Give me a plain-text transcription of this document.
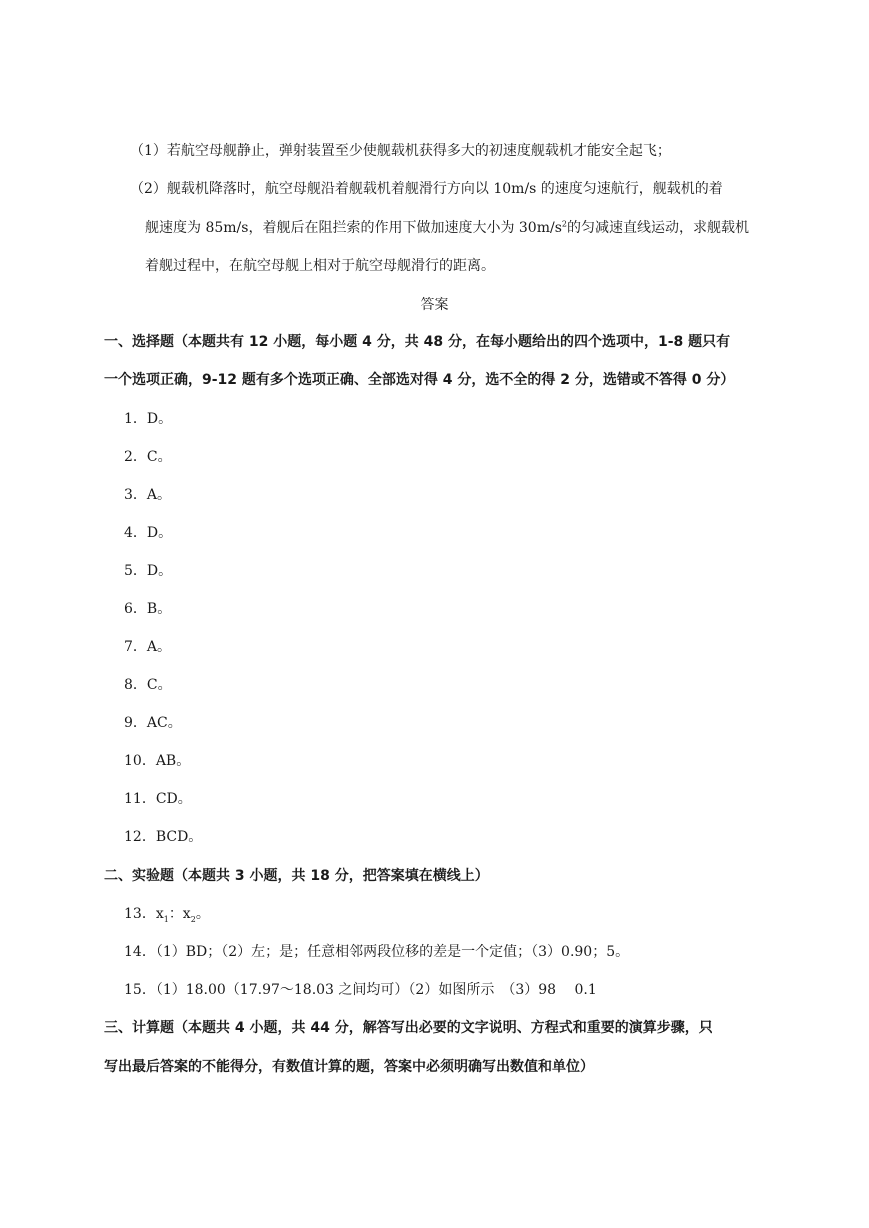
（1）若航空母舰静止，弹射装置至少使舰载机获得多大的初速度舰载机才能安全起飞；
（2）舰载机降落时，航空母舰沿着舰载机着舰滑行方向以 10m/s 的速度匀速航行，舰载机的着
舰速度为 85m/s，着舰后在阻拦索的作用下做加速度大小为 $30m/s^2$的匀减速直线运动，求舰载机
着舰过程中，在航空母舰上相对于航空母舰滑行的距离。
答案
一、选择题（本题共有 12 小题，每小题 4 分，共 48 分，在每小题给出的四个选项中，1-8 题只有
一个选项正确，9-12 题有多个选项正确、全部选对得 4 分，选不全的得 2 分，选错或不答得 0 分）
1．D。
2．C。
3．A。
4．D。
5．D。
6．B。
7．A。
8．C。
9．AC。
10．AB。
11．CD。
12．BCD。
二、实验题（本题共 3 小题，共 18 分，把答案填在横线上）
13．$x_1$：$x_2$。
14．（1）BD；（2）左；是；任意相邻两段位移的差是一个定值；（3）0.90；5。
15．（1）18.00（17.97～18.03 之间均可）（2）如图所示　（3）98　 0.1
三、计算题（本题共 4 小题，共 44 分，解答写出必要的文字说明、方程式和重要的演算步骤，只
写出最后答案的不能得分，有数值计算的题，答案中必须明确写出数值和单位）
